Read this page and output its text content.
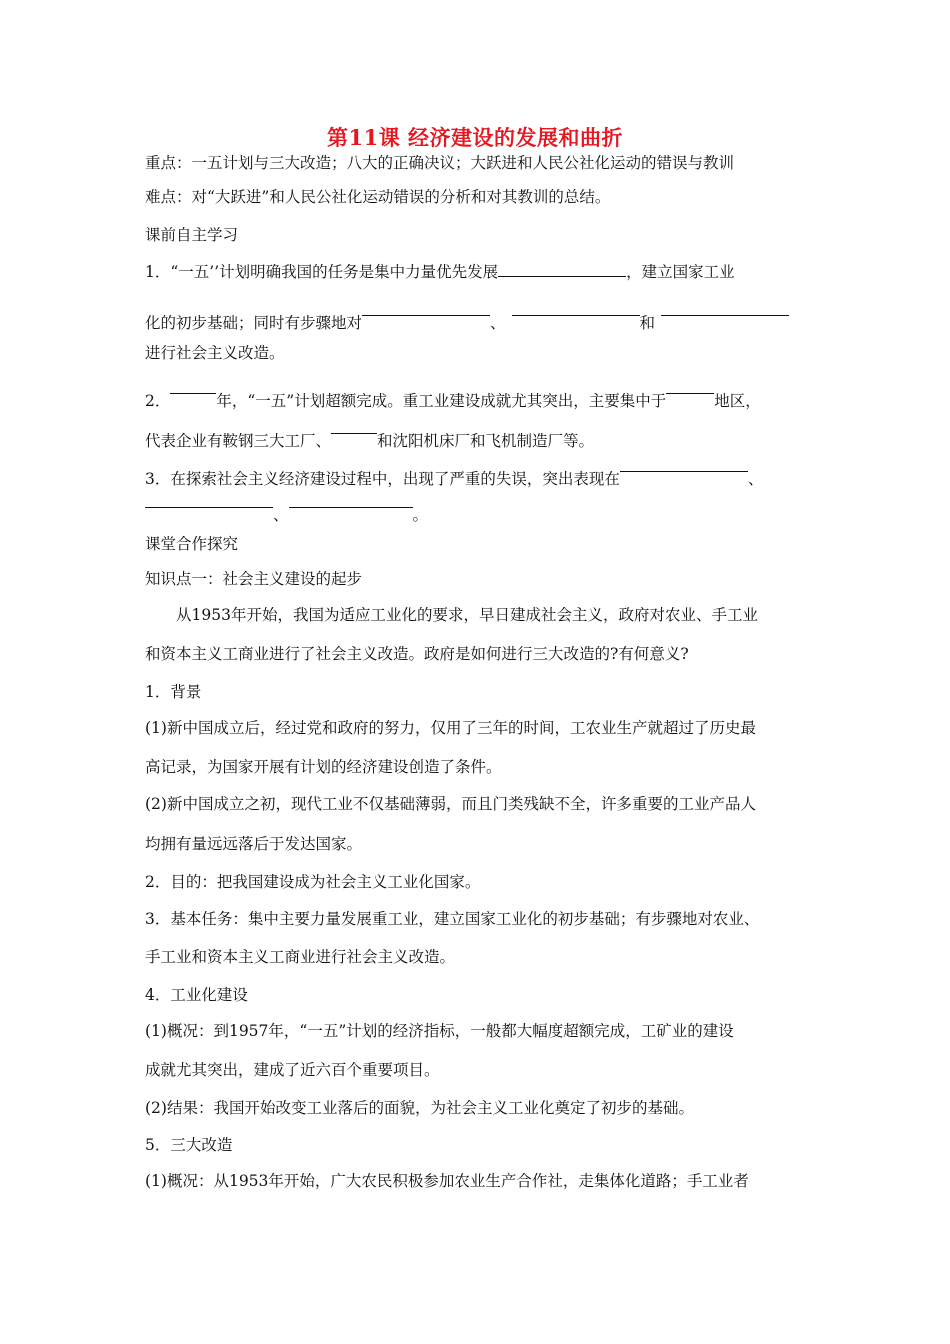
第11课 经济建设的发展和曲折
重点：一五计划与三大改造；八大的正确决议；大跃进和人民公社化运动的错误与教训
难点：对“大跃进”和人民公社化运动错误的分析和对其教训的总结。
课前自主学习
1．“一五’’计划明确我国的任务是集中力量优先发展	，建立国家工业
化的初步基础；同时有步骤地对	、	和
进行社会主义改造。
2．	年，“一五”计划超额完成。重工业建设成就尤其突出，主要集中于	地区，
代表企业有鞍钢三大工厂、	和沈阳机床厂和飞机制造厂等。
3．在探索社会主义经济建设过程中，出现了严重的失误，突出表现在	、
、	。
课堂合作探究
知识点一：社会主义建设的起步
从1953年开始，我国为适应工业化的要求，早日建成社会主义，政府对农业、手工业
和资本主义工商业进行了社会主义改造。政府是如何进行三大改造的?有何意义?
1．背景
(1)新中国成立后，经过党和政府的努力，仅用了三年的时间，工农业生产就超过了历史最
高记录，为国家开展有计划的经济建设创造了条件。
(2)新中国成立之初，现代工业不仅基础薄弱，而且门类残缺不全，许多重要的工业产品人
均拥有量远远落后于发达国家。
2．目的：把我国建设成为社会主义工业化国家。
3．基本任务：集中主要力量发展重工业，建立国家工业化的初步基础；有步骤地对农业、
手工业和资本主义工商业进行社会主义改造。
4．工业化建设
(1)概况：到1957年，“一五”计划的经济指标，一般都大幅度超额完成，工矿业的建设
成就尤其突出，建成了近六百个重要项目。
(2)结果：我国开始改变工业落后的面貌，为社会主义工业化奠定了初步的基础。
5．三大改造
(1)概况：从1953年开始，广大农民积极参加农业生产合作社，走集体化道路；手工业者
